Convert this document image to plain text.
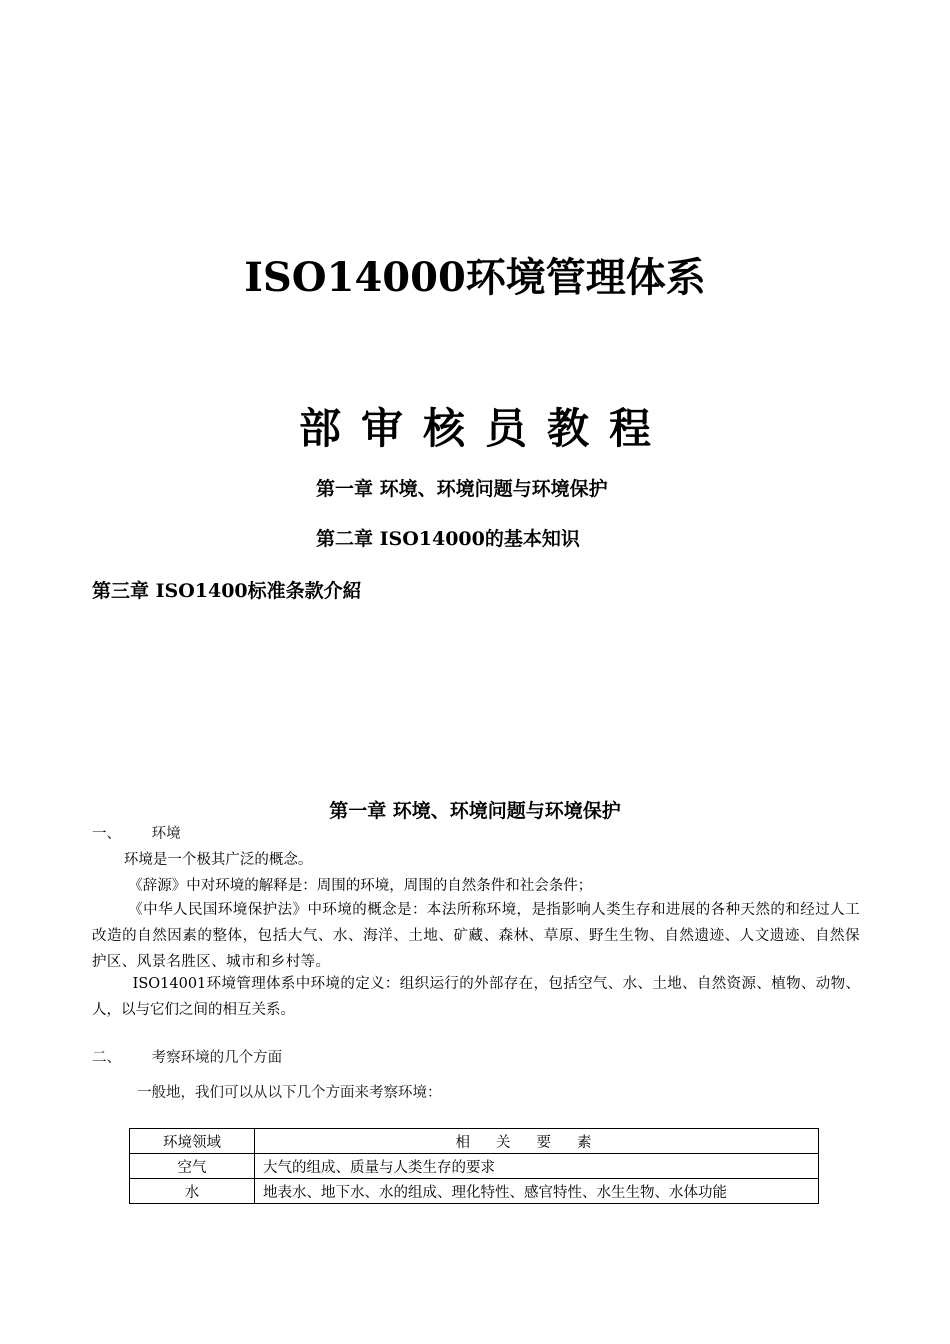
ISO14000环境管理体系
部审核员教程
第一章 环境、环境问题与环境保护
第二章 ISO14000的基本知识
第三章 ISO1400标准条款介紹
第一章 环境、环境问题与环境保护
一、 环境
环境是一个极其广泛的概念。
《辞源》中对环境的解释是：周围的环境，周围的自然条件和社会条件；
《中华人民国环境保护法》中环境的概念是：本法所称环境，是指影响人类生存和进展的各种天然的和经过人工改造的自然因素的整体，包括大气、水、海洋、土地、矿藏、森林、草原、野生生物、自然遗迹、人文遗迹、自然保护区、风景名胜区、城市和乡村等。
ISO14001环境管理体系中环境的定义：组织运行的外部存在，包括空气、水、土地、自然资源、植物、动物、人，以与它们之间的相互关系。
二、 考察环境的几个方面
一般地，我们可以从以下几个方面来考察环境：
环境领域	相关要素
空气	大气的组成、质量与人类生存的要求
水	地表水、地下水、水的组成、理化特性、感官特性、水生生物、水体功能
